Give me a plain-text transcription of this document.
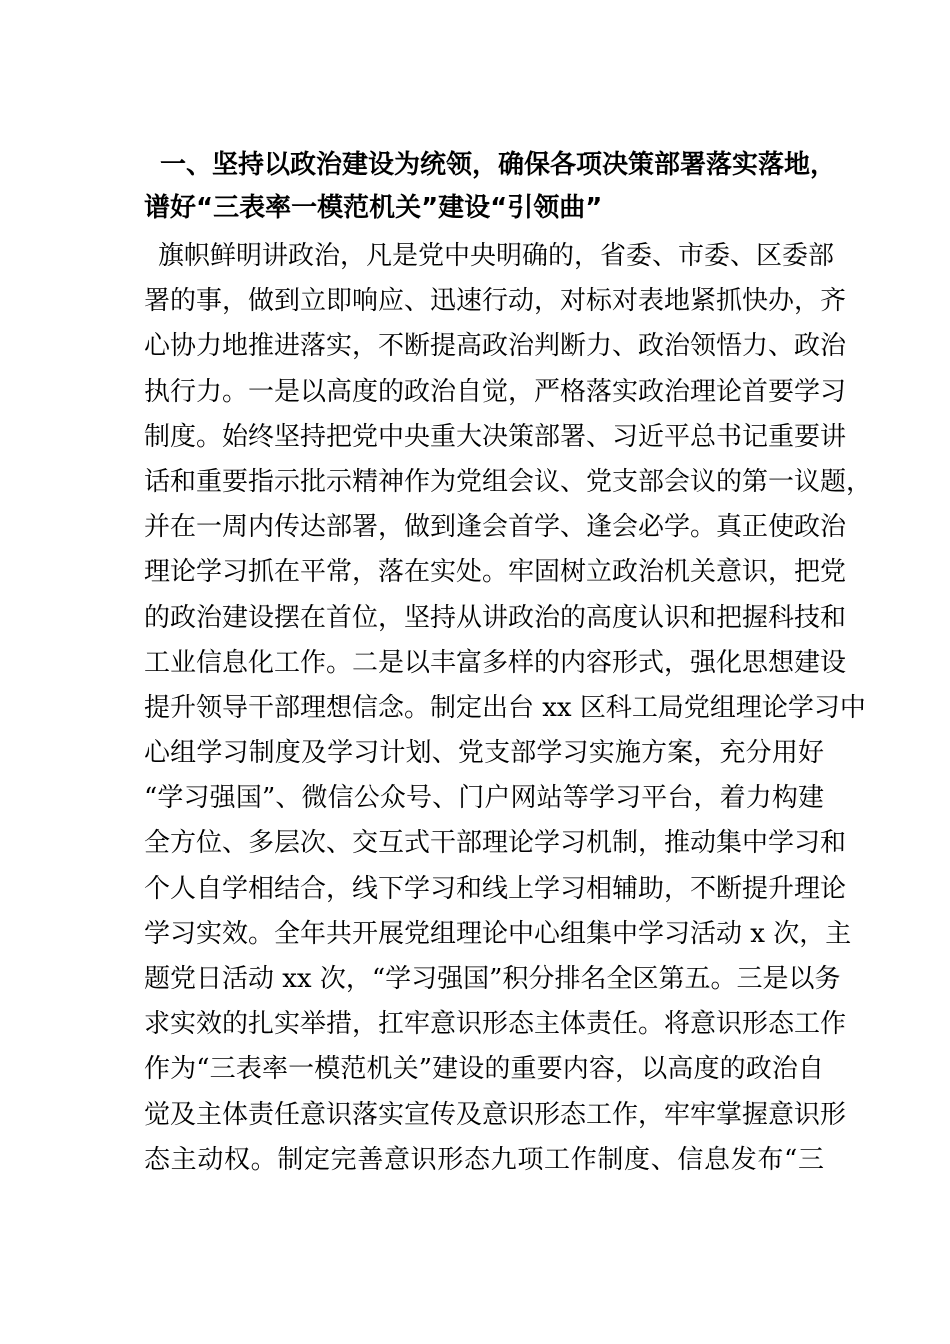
一、坚持以政治建设为统领，确保各项决策部署落实落地，
谱好“三表率一模范机关”建设“引领曲”
旗帜鲜明讲政治，凡是党中央明确的，省委、市委、区委部
署的事，做到立即响应、迅速行动，对标对表地紧抓快办，齐
心协力地推进落实，不断提高政治判断力、政治领悟力、政治
执行力。一是以高度的政治自觉，严格落实政治理论首要学习
制度。始终坚持把党中央重大决策部署、习近平总书记重要讲
话和重要指示批示精神作为党组会议、党支部会议的第一议题，
并在一周内传达部署，做到逢会首学、逢会必学。真正使政治
理论学习抓在平常，落在实处。牢固树立政治机关意识，把党
的政治建设摆在首位，坚持从讲政治的高度认识和把握科技和
工业信息化工作。二是以丰富多样的内容形式，强化思想建设
提升领导干部理想信念。制定出台 xx 区科工局党组理论学习中
心组学习制度及学习计划、党支部学习实施方案，充分用好
“学习强国”、微信公众号、门户网站等学习平台，着力构建
全方位、多层次、交互式干部理论学习机制，推动集中学习和
个人自学相结合，线下学习和线上学习相辅助，不断提升理论
学习实效。全年共开展党组理论中心组集中学习活动 x 次，主
题党日活动 xx 次，“学习强国”积分排名全区第五。三是以务
求实效的扎实举措，扛牢意识形态主体责任。将意识形态工作
作为“三表率一模范机关”建设的重要内容，以高度的政治自
觉及主体责任意识落实宣传及意识形态工作，牢牢掌握意识形
态主动权。制定完善意识形态九项工作制度、信息发布“三
